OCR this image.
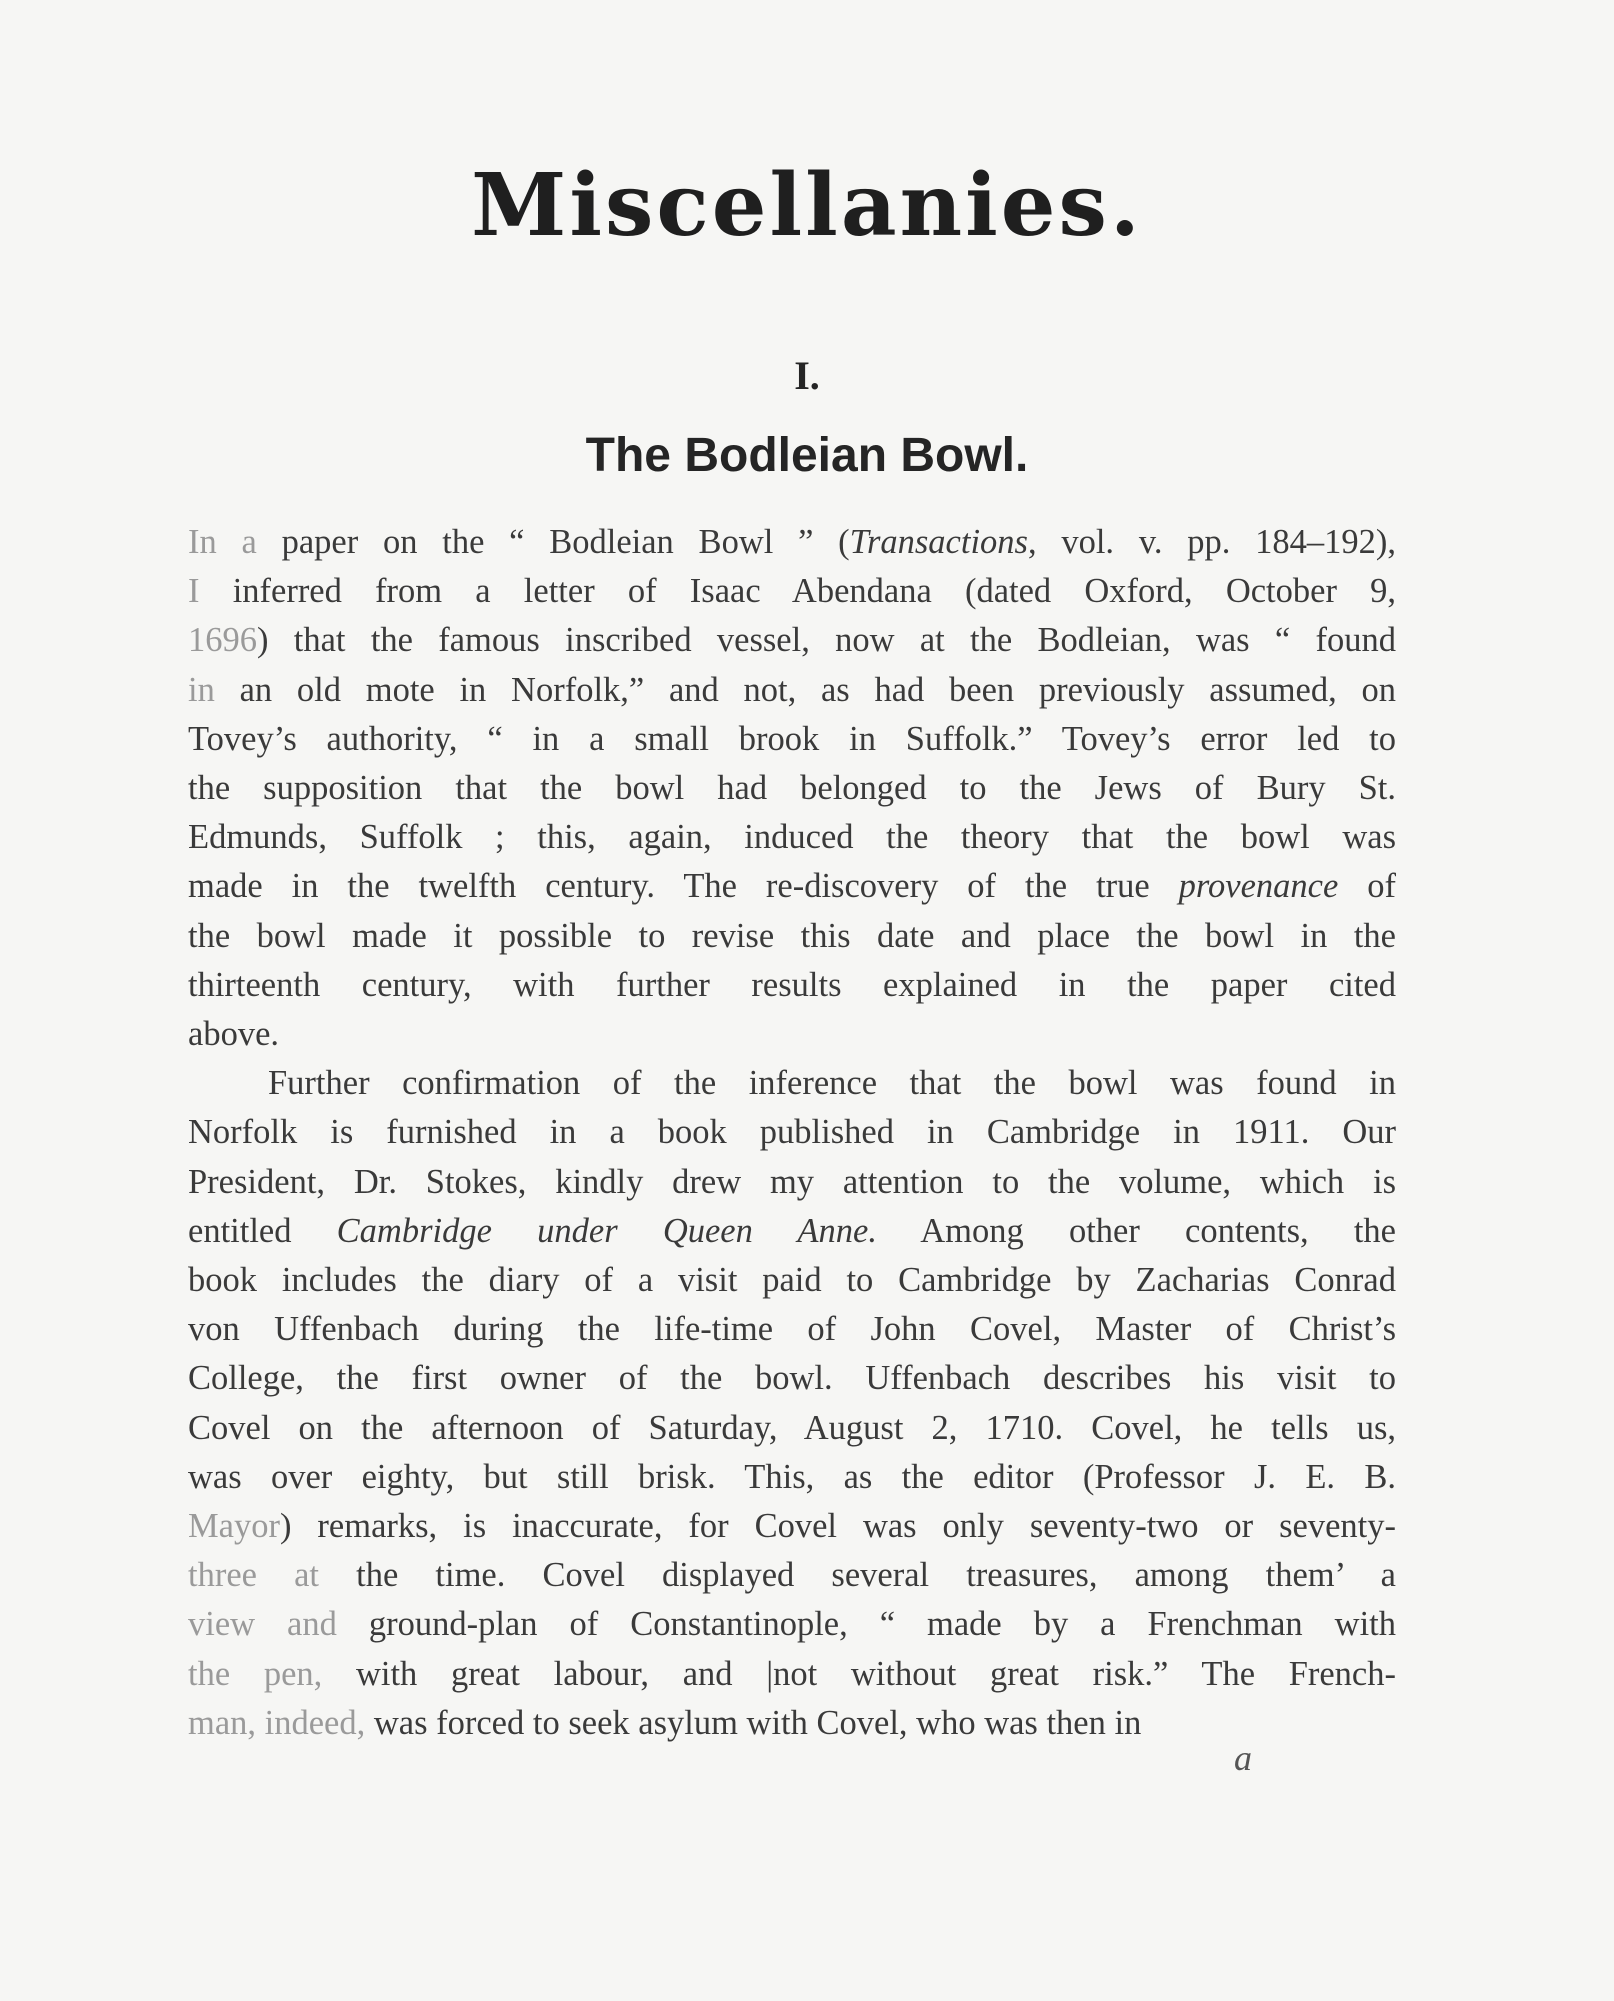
Miscellanies.
I.
The Bodleian Bowl.
In a paper on the “ Bodleian Bowl ” (Transactions, vol. v. pp. 184–192),
I inferred from a letter of Isaac Abendana (dated Oxford, October 9,
1696) that the famous inscribed vessel, now at the Bodleian, was “ found
in an old mote in Norfolk,” and not, as had been previously assumed, on
Tovey’s authority, “ in a small brook in Suffolk.” Tovey’s error led to
the supposition that the bowl had belonged to the Jews of Bury St.
Edmunds, Suffolk ; this, again, induced the theory that the bowl was
made in the twelfth century. The re-discovery of the true provenance of
the bowl made it possible to revise this date and place the bowl in the
thirteenth century, with further results explained in the paper cited
above.
Further confirmation of the inference that the bowl was found in
Norfolk is furnished in a book published in Cambridge in 1911. Our
President, Dr. Stokes, kindly drew my attention to the volume, which is
entitled Cambridge under Queen Anne. Among other contents, the
book includes the diary of a visit paid to Cambridge by Zacharias Conrad
von Uffenbach during the life-time of John Covel, Master of Christ’s
College, the first owner of the bowl. Uffenbach describes his visit to
Covel on the afternoon of Saturday, August 2, 1710. Covel, he tells us,
was over eighty, but still brisk. This, as the editor (Professor J. E. B.
Mayor) remarks, is inaccurate, for Covel was only seventy-two or seventy-
three at the time. Covel displayed several treasures, among them’ a
view and ground-plan of Constantinople, “ made by a Frenchman with
the pen, with great labour, and |not without great risk.” The French-
man, indeed, was forced to seek asylum with Covel, who was then in
a
